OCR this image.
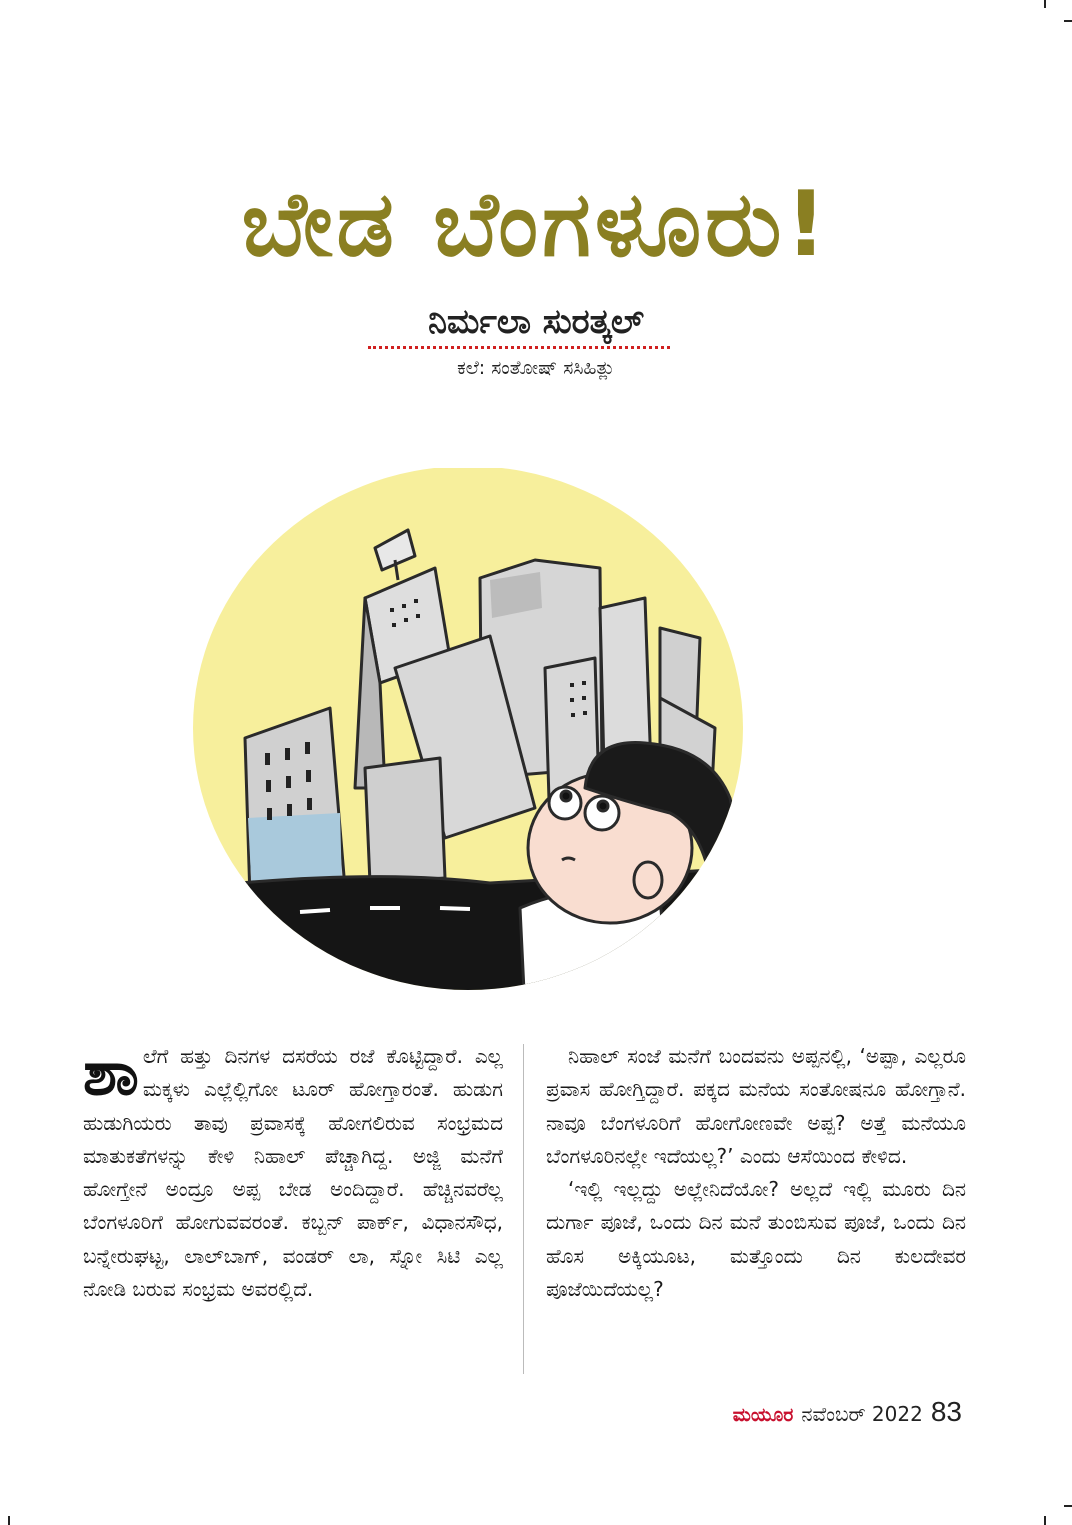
ಬೇಡ ಬೆಂಗಳೂರು!
ನಿರ್ಮಲಾ ಸುರತ್ಕಲ್
ಕಲೆ: ಸಂತೋಷ್ ಸಸಿಹಿತ್ಲು

ಶಾಲೆಗೆ ಹತ್ತು ದಿನಗಳ ದಸರೆಯ ರಜೆ ಕೊಟ್ಟಿದ್ದಾರೆ. ಎಲ್ಲ ಮಕ್ಕಳು ಎಲ್ಲೆಲ್ಲಿಗೋ ಟೂರ್ ಹೋಗ್ತಾರಂತೆ. ಹುಡುಗ ಹುಡುಗಿಯರು ತಾವು ಪ್ರವಾಸಕ್ಕೆ ಹೋಗಲಿರುವ ಸಂಭ್ರಮದ ಮಾತುಕತೆಗಳನ್ನು ಕೇಳಿ ನಿಹಾಲ್ ಪೆಚ್ಚಾಗಿದ್ದ. ಅಜ್ಜಿ ಮನೆಗೆ ಹೋಗ್ತೇನೆ ಅಂದ್ರೂ ಅಪ್ಪ ಬೇಡ ಅಂದಿದ್ದಾರೆ. ಹೆಚ್ಚಿನವರೆಲ್ಲ ಬೆಂಗಳೂರಿಗೆ ಹೋಗುವವರಂತೆ. ಕಬ್ಬನ್ ಪಾರ್ಕ್, ವಿಧಾನಸೌಧ, ಬನ್ನೇರುಘಟ್ಟ, ಲಾಲ್‌ಬಾಗ್, ವಂಡರ್ ಲಾ, ಸ್ನೋ ಸಿಟಿ ಎಲ್ಲ ನೋಡಿ ಬರುವ ಸಂಭ್ರಮ ಅವರಲ್ಲಿದೆ.

ನಿಹಾಲ್ ಸಂಜೆ ಮನೆಗೆ ಬಂದವನು ಅಪ್ಪನಲ್ಲಿ, ‘ಅಪ್ಪಾ, ಎಲ್ಲರೂ ಪ್ರವಾಸ ಹೋಗ್ತಿದ್ದಾರೆ. ಪಕ್ಕದ ಮನೆಯ ಸಂತೋಷನೂ ಹೋಗ್ತಾನೆ. ನಾವೂ ಬೆಂಗಳೂರಿಗೆ ಹೋಗೋಣವೇ ಅಪ್ಪ? ಅತ್ತೆ ಮನೆಯೂ ಬೆಂಗಳೂರಿನಲ್ಲೇ ಇದೆಯಲ್ಲ?’ ಎಂದು ಆಸೆಯಿಂದ ಕೇಳಿದ.

‘ಇಲ್ಲಿ ಇಲ್ಲದ್ದು ಅಲ್ಲೇನಿದೆಯೋ? ಅಲ್ಲದೆ ಇಲ್ಲಿ ಮೂರು ದಿನ ದುರ್ಗಾ ಪೂಜೆ, ಒಂದು ದಿನ ಮನೆ ತುಂಬಿಸುವ ಪೂಜೆ, ಒಂದು ದಿನ ಹೊಸ ಅಕ್ಕಿಯೂಟ, ಮತ್ತೊಂದು ದಿನ ಕುಲದೇವರ ಪೂಜೆಯಿದೆಯಲ್ಲ?

ಮಯೂರ ನವೆಂಬರ್ 2022 83
